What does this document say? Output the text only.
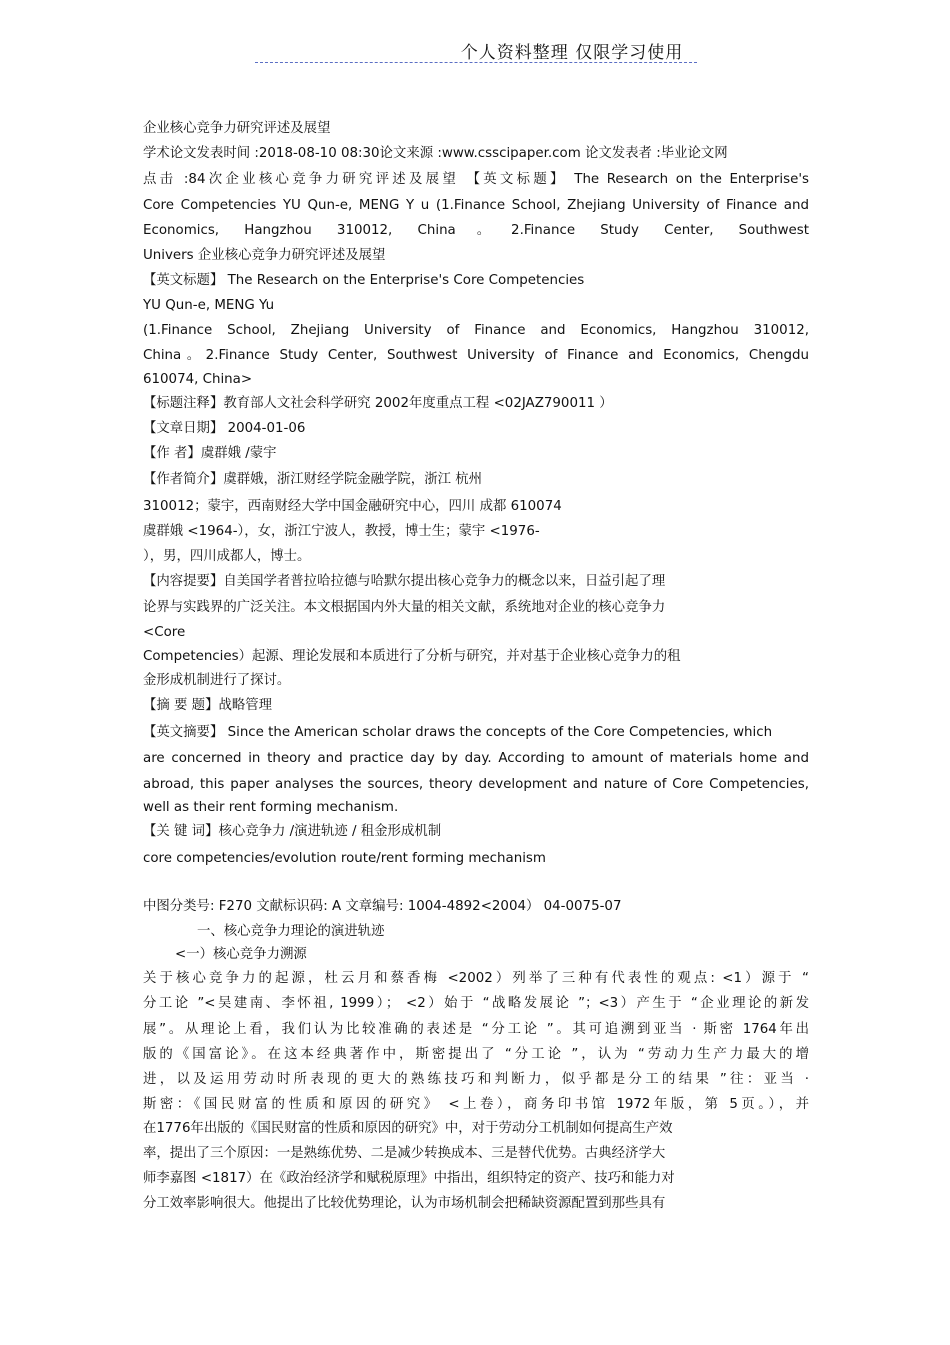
个人资料整理 仅限学习使用
企业核心竞争力研究评述及展望
学术论文发表时间 :2018-08-10 08:30论文来源 :www.csscipaper.com 论文发表者 :毕业论文网
点击 :84次企业核心竞争力研究评述及展望 【英文标题】 The Research on the Enterprise's
Core Competencies YU Qun-e, MENG Y u (1.Finance School, Zhejiang University of Finance and
Economics, Hangzhou 310012, China。2.Finance Study Center, Southwest
Univers 企业核心竞争力研究评述及展望
【英文标题】 The Research on the Enterprise's Core Competencies
YU Qun-e, MENG Yu
(1.Finance School, Zhejiang University of Finance and Economics, Hangzhou 310012,
China。2.Finance Study Center, Southwest University of Finance and Economics, Chengdu
610074, China>
【标题注释】教育部人文社会科学研究 2002年度重点工程 <02JAZ790011 ）
【文章日期】 2004-01-06
【作 者】虞群娥 /蒙宇
【作者简介】虞群娥，浙江财经学院金融学院，浙江 杭州
310012；蒙宇，西南财经大学中国金融研究中心，四川 成都 610074
虞群娥 <1964-），女，浙江宁波人，教授，博士生；蒙宇 <1976-
），男，四川成都人，博士。
【内容提要】自美国学者普拉哈拉德与哈默尔提出核心竞争力的概念以来，日益引起了理
论界与实践界的广泛关注。本文根据国内外大量的相关文献，系统地对企业的核心竞争力
<Core
Competencies）起源、理论发展和本质进行了分析与研究，并对基于企业核心竞争力的租
金形成机制进行了探讨。
【摘 要 题】战略管理
【英文摘要】 Since the American scholar draws the concepts of the Core Competencies, which
are concerned in theory and practice day by day. According to amount of materials home and
abroad, this paper analyses the sources, theory development and nature of Core Competencies,
well as their rent forming mechanism.
【关 键 词】核心竞争力 /演进轨迹 / 租金形成机制
core competencies/evolution route/rent forming mechanism
中图分类号: F270 文献标识码: A 文章编号: 1004-4892<2004） 04-0075-07
一、核心竞争力理论的演进轨迹
<一）核心竞争力溯源
关于核心竞争力的起源，杜云月和蔡香梅 <2002）列举了三种有代表性的观点: <1）源于 “
分工论 ”<吴建南、李怀祖, 1999）； <2）始于 “战略发展论 ”；<3）产生于 “企业理论的新发
展”。从理论上看，我们认为比较准确的表述是 “分工论 ”。其可追溯到亚当 · 斯密 1764年出
版的《国富论》。在这本经典著作中，斯密提出了 “分工论 ”，认为 “劳动力生产力最大的增
进，以及运用劳动时所表现的更大的熟练技巧和判断力，似乎都是分工的结果 ”往：亚当 ·
斯密：《国民财富的性质和原因的研究》 <上卷），商务印书馆 1972年版，第 5页。），并
在1776年出版的《国民财富的性质和原因的研究》中，对于劳动分工机制如何提高生产效
率，提出了三个原因：一是熟练优势、二是减少转换成本、三是替代优势。古典经济学大
师李嘉图 <1817）在《政治经济学和赋税原理》中指出，组织特定的资产、技巧和能力对
分工效率影响很大。他提出了比较优势理论，认为市场机制会把稀缺资源配置到那些具有
